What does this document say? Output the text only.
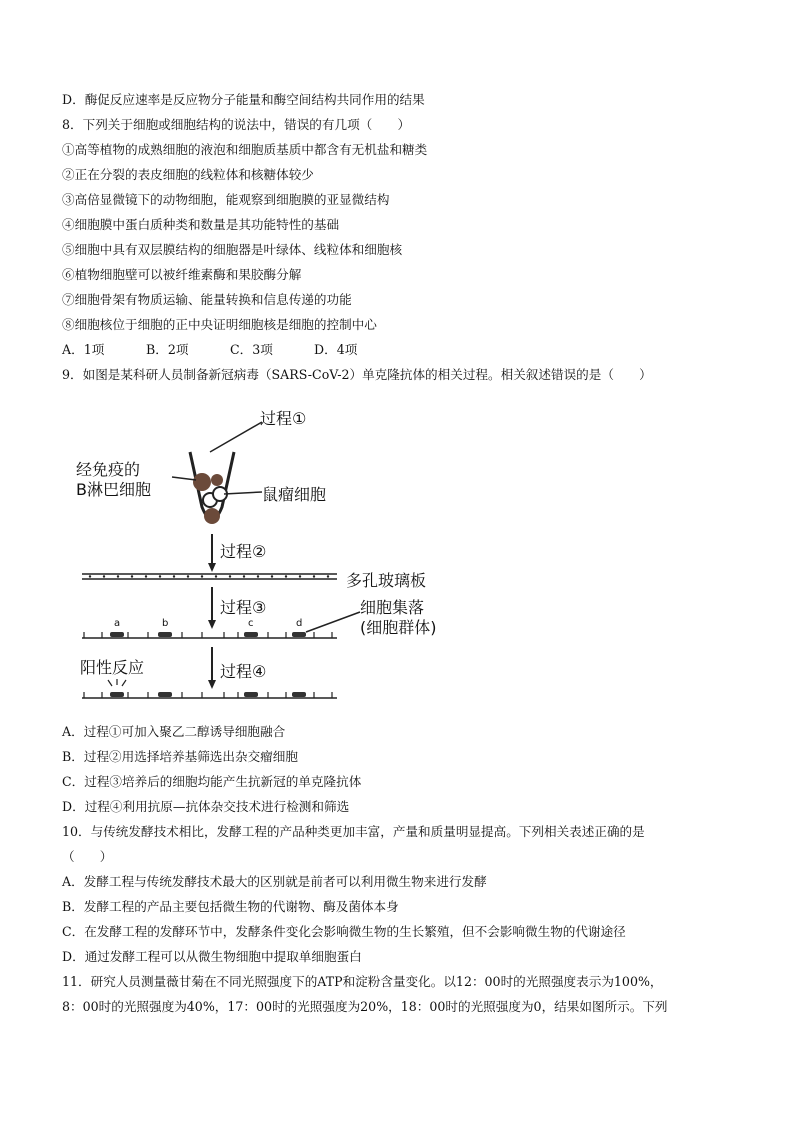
D．酶促反应速率是反应物分子能量和酶空间结构共同作用的结果
8．下列关于细胞或细胞结构的说法中，错误的有几项（　　）
①高等植物的成熟细胞的液泡和细胞质基质中都含有无机盐和糖类
②正在分裂的表皮细胞的线粒体和核糖体较少
③高倍显微镜下的动物细胞，能观察到细胞膜的亚显微结构
④细胞膜中蛋白质种类和数量是其功能特性的基础
⑤细胞中具有双层膜结构的细胞器是叶绿体、线粒体和细胞核
⑥植物细胞壁可以被纤维素酶和果胶酶分解
⑦细胞骨架有物质运输、能量转换和信息传递的功能
⑧细胞核位于细胞的正中央证明细胞核是细胞的控制中心
A．1项	B．2项	C．3项	D．4项
9．如图是某科研人员制备新冠病毒（SARS-CoV-2）单克隆抗体的相关过程。相关叙述错误的是（　　）
过程①
经免疫的
B淋巴细胞	鼠瘤细胞
过程②
多孔玻璃板
过程③
a	b	c	d
细胞集落
(细胞群体)
阳性反应	过程④
A．过程①可加入聚乙二醇诱导细胞融合
B．过程②用选择培养基筛选出杂交瘤细胞
C．过程③培养后的细胞均能产生抗新冠的单克隆抗体
D．过程④利用抗原—抗体杂交技术进行检测和筛选
10．与传统发酵技术相比，发酵工程的产品种类更加丰富，产量和质量明显提高。下列相关表述正确的是
（　　）
A．发酵工程与传统发酵技术最大的区别就是前者可以利用微生物来进行发酵
B．发酵工程的产品主要包括微生物的代谢物、酶及菌体本身
C．在发酵工程的发酵环节中，发酵条件变化会影响微生物的生长繁殖，但不会影响微生物的代谢途径
D．通过发酵工程可以从微生物细胞中提取单细胞蛋白
11．研究人员测量薇甘菊在不同光照强度下的ATP和淀粉含量变化。以12：00时的光照强度表示为100%，
8：00时的光照强度为40%，17：00时的光照强度为20%，18：00时的光照强度为0，结果如图所示。下列
